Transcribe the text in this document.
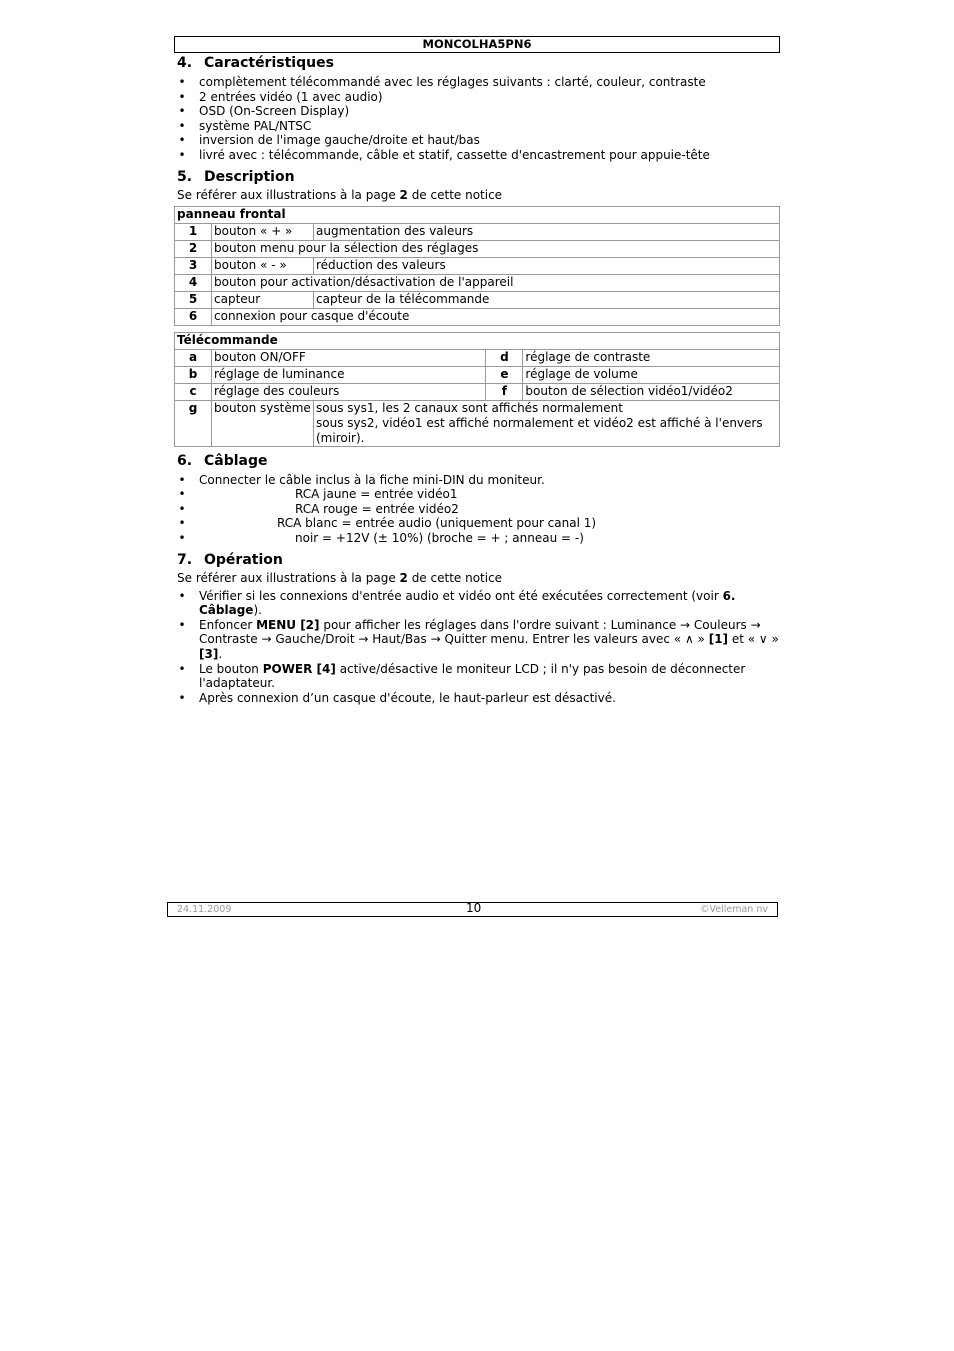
MONCOLHA5PN6
4. Caractéristiques
• complètement télécommandé avec les réglages suivants : clarté, couleur, contraste
• 2 entrées vidéo (1 avec audio)
• OSD (On-Screen Display)
• système PAL/NTSC
• inversion de l'image gauche/droite et haut/bas
• livré avec : télécommande, câble et statif, cassette d'encastrement pour appuie-tête
5. Description

Se référer aux illustrations à la page 2 de cette notice

panneau frontal		
1	bouton « + »	augmentation des valeurs
2	bouton menu pour la sélection des réglages	
3	bouton « - »	réduction des valeurs
4	bouton pour activation/désactivation de l'appareil	
5	capteur	capteur de la télécommande
6	connexion pour casque d'écoute	
Télécommande				
a	bouton ON/OFF		d	réglage de contraste
b	réglage de luminance		e	réglage de volume
c	réglage des couleurs		f	bouton de sélection vidéo1/vidéo2
g	bouton système	sous sys1, les 2 canaux sont affichés normalement
sous sys2, vidéo1 est affiché normalement et vidéo2 est affiché à l'envers (miroir).		
6. Câblage
• Connecter le câble inclus à la fiche mini-DIN du moniteur.
•	RCA jaune = entrée vidéo1
•	RCA rouge = entrée vidéo2
•	RCA blanc = entrée audio (uniquement pour canal 1)
•	noir = +12V (± 10%) (broche = + ; anneau = -)
7. Opération

Se référer aux illustrations à la page 2 de cette notice

• Vérifier si les connexions d'entrée audio et vidéo ont été exécutées correctement (voir 6. Câblage).
• Enfoncer MENU [2] pour afficher les réglages dans l'ordre suivant : Luminance → Couleurs → Contraste → Gauche/Droit → Haut/Bas → Quitter menu. Entrer les valeurs avec « ∧ » [1] et « ∨ » [3].
• Le bouton POWER [4] active/désactive le moniteur LCD ; il n'y pas besoin de déconnecter l'adaptateur.
• Après connexion d’un casque d'écoute, le haut-parleur est désactivé.
24.11.2009	10	©Velleman nv
